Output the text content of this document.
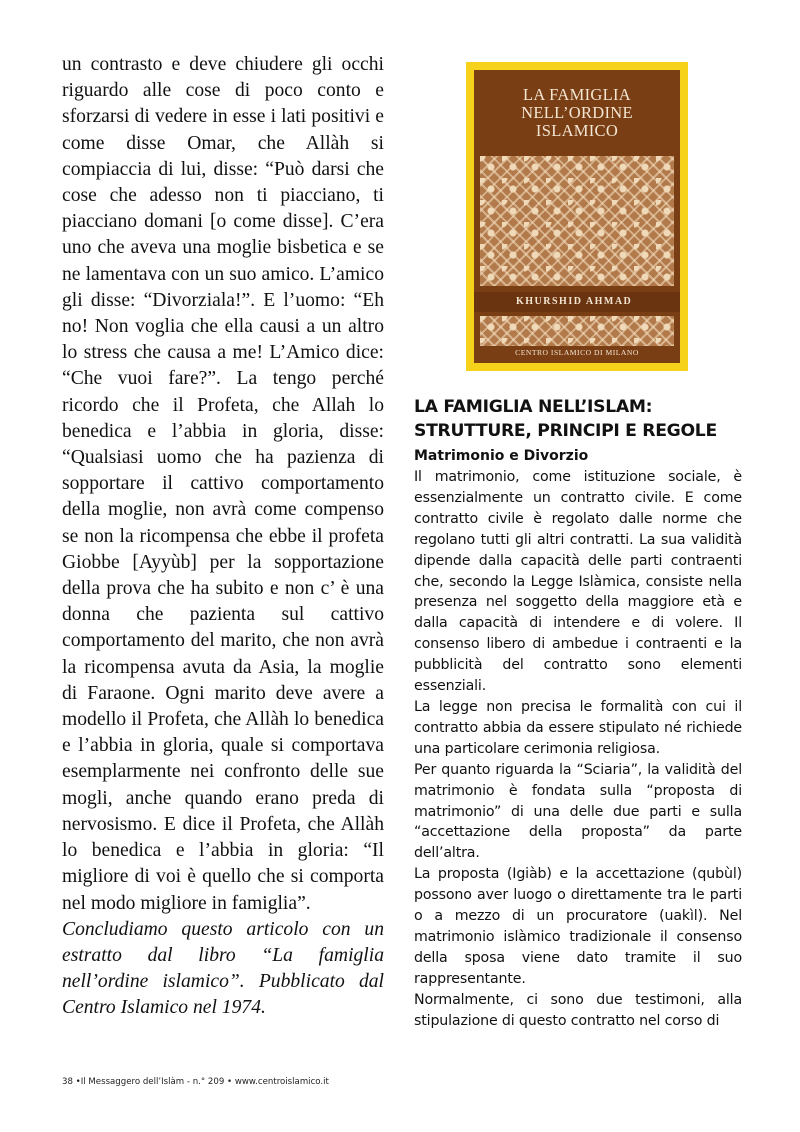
un contrasto e deve chiudere gli occhi riguardo alle cose di poco conto e sforzarsi di vedere in esse i lati positivi e come disse Omar, che Allàh si compiaccia di lui, disse: “Può darsi che cose che adesso non ti piacciano, ti piacciano domani [o come disse]. C’era uno che aveva una moglie bisbetica e se ne lamentava con un suo amico. L’amico gli disse: “Divorziala!”. E l’uomo: “Eh no! Non voglia che ella causi a un altro lo stress che causa a me! L’Amico dice: “Che vuoi fare?”. La tengo perché ricordo che il Profeta, che Allah lo benedica e l’abbia in gloria, disse: “Qualsiasi uomo che ha pazienza di sopportare il cattivo comportamento della moglie, non avrà come compenso se non la ricompensa che ebbe il profeta Giobbe [Ayyùb] per la sopportazione della prova che ha subito e non c’ è una donna che pazienta sul cattivo comportamento del marito, che non avrà la ricompensa avuta da Asia, la moglie di Faraone. Ogni marito deve avere a modello il Profeta, che Allàh lo benedica e l’abbia in gloria, quale si comportava esemplarmente nei confronto delle sue mogli, anche quando erano preda di nervosismo. E dice il Profeta, che Allàh lo benedica e l’abbia in gloria: “Il migliore di voi è quello che si comporta nel modo migliore in famiglia”.

Concludiamo questo articolo con un estratto dal libro “La famiglia nell’ordine islamico”. Pubblicato dal Centro Islamico nel 1974.

LA FAMIGLIA
NELL’ORDINE
ISLAMICO
KHURSHID AHMAD
CENTRO ISLAMICO DI MILANO
LA FAMIGLIA NELL’ISLAM:
STRUTTURE, PRINCIPI E REGOLE
Matrimonio e Divorzio

Il matrimonio, come istituzione sociale, è essenzialmente un contratto civile. E come contratto civile è regolato dalle norme che regolano tutti gli altri contratti. La sua validità dipende dalla capacità delle parti contraenti che, secondo la Legge Islàmica, consiste nella presenza nel soggetto della maggiore età e dalla capacità di intendere e di volere. Il consenso libero di ambedue i contraenti e la pubblicità del contratto sono elementi essenziali.

La legge non precisa le formalità con cui il contratto abbia da essere stipulato né richiede una particolare cerimonia religiosa.

Per quanto riguarda la “Sciaria”, la validità del matrimonio è fondata sulla “proposta di matrimonio” di una delle due parti e sulla “accettazione della proposta” da parte dell’altra.

La proposta (Igiàb) e la accettazione (qubùl) possono aver luogo o direttamente tra le parti o a mezzo di un procuratore (uakìl). Nel matrimonio islàmico tradizionale il consenso della sposa viene dato tramite il suo rappresentante.

Normalmente, ci sono due testimoni, alla stipulazione di questo contratto nel corso di

38 •Il Messaggero dell’Islàm - n.° 209 • www.centroislamico.it
